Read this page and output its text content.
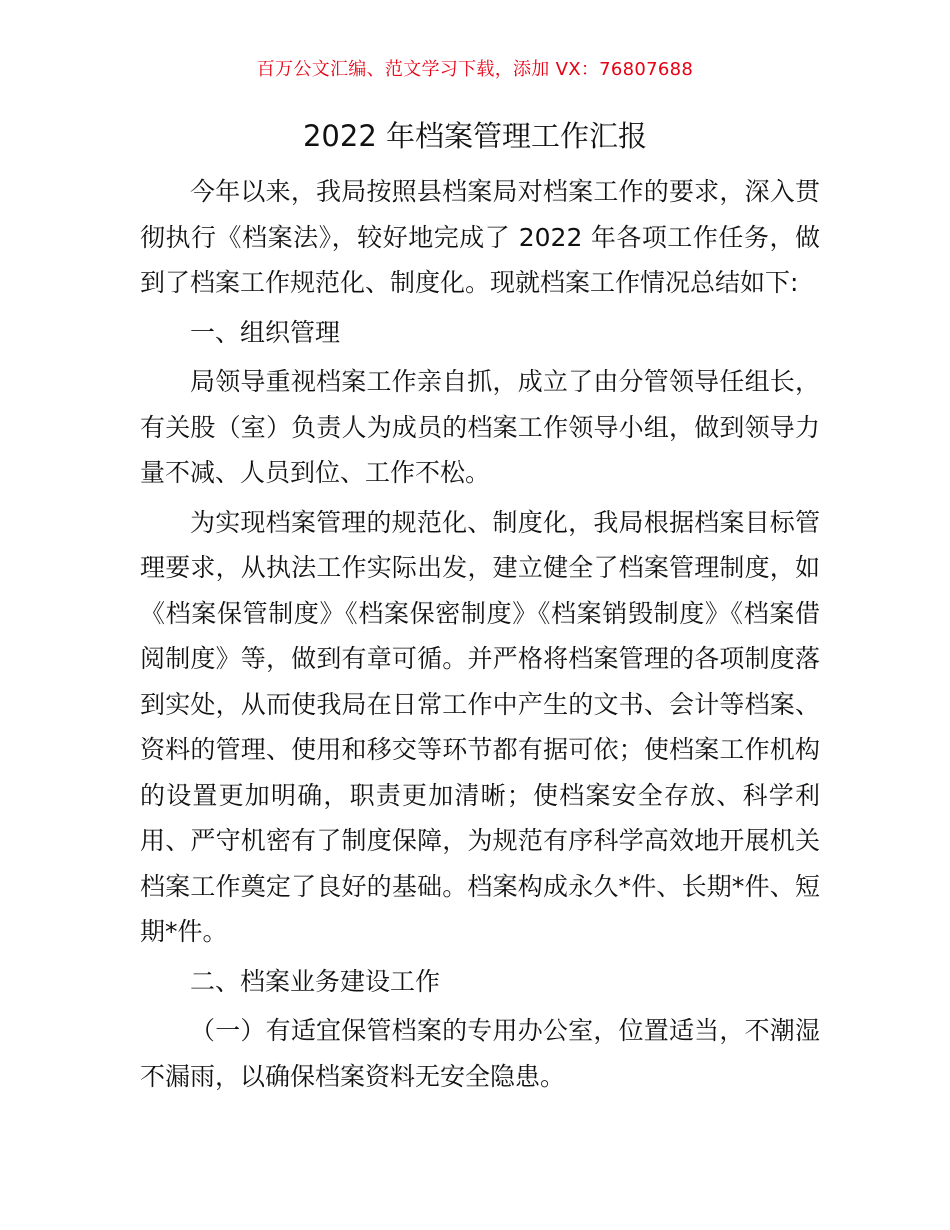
百万公文汇编、范文学习下载，添加 VX：76807688
2022 年档案管理工作汇报

今年以来，我局按照县档案局对档案工作的要求，深入贯彻执行《档案法》，较好地完成了 2022 年各项工作任务，做到了档案工作规范化、制度化。现就档案工作情况总结如下:

一、组织管理

局领导重视档案工作亲自抓，成立了由分管领导任组长，有关股（室）负责人为成员的档案工作领导小组，做到领导力量不减、人员到位、工作不松。

为实现档案管理的规范化、制度化，我局根据档案目标管理要求，从执法工作实际出发，建立健全了档案管理制度，如《档案保管制度》《档案保密制度》《档案销毁制度》《档案借阅制度》等，做到有章可循。并严格将档案管理的各项制度落到实处，从而使我局在日常工作中产生的文书、会计等档案、资料的管理、使用和移交等环节都有据可依；使档案工作机构的设置更加明确，职责更加清晰；使档案安全存放、科学利用、严守机密有了制度保障，为规范有序科学高效地开展机关档案工作奠定了良好的基础。档案构成永久*件、长期*件、短期*件。

二、档案业务建设工作

（一）有适宜保管档案的专用办公室，位置适当，不潮湿不漏雨，以确保档案资料无安全隐患。
